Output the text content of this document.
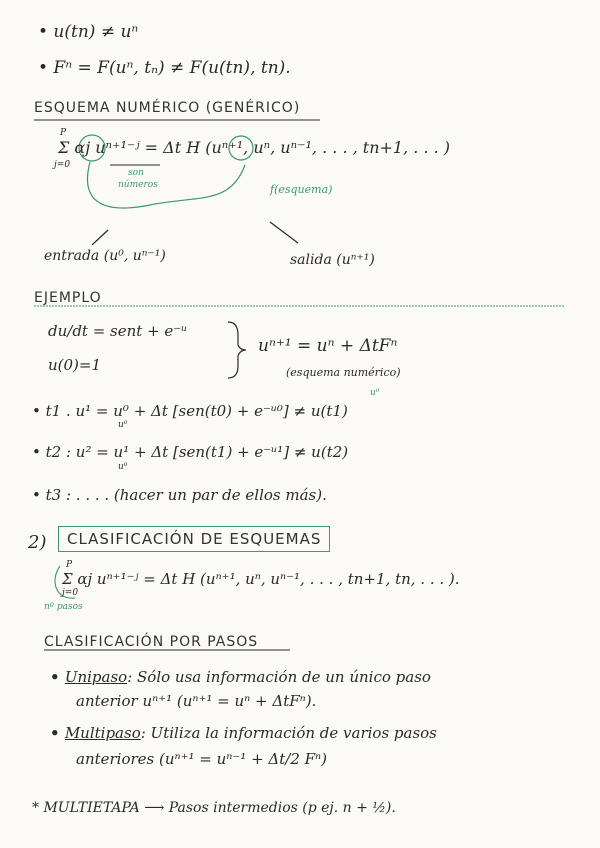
• u(tn) ≠ uⁿ
• Fⁿ = F(uⁿ, tₙ) ≠ F(u(tn), tn).
ESQUEMA NUMÉRICO (GENÉRICO)
P
j=0
Σ αj uⁿ⁺¹⁻ʲ = Δt H (uⁿ⁺¹, uⁿ, uⁿ⁻¹, . . . , tn+1, . . . )
son
números	f(esquema)
entrada (u⁰, uⁿ⁻¹)	salida (uⁿ⁺¹)
EJEMPLO
du/dt = sent + e⁻ᵘ
u(0)=1
uⁿ⁺¹ = uⁿ + ΔtFⁿ
(esquema numérico)
• t1 . u¹ = u⁰ + Δt [sen(t0) + e⁻ᵘ⁰] ≠ u(t1)
u⁰
u⁰
• t2 : u² = u¹ + Δt [sen(t1) + e⁻ᵘ¹] ≠ u(t2)
u⁰
• t3 : . . . . (hacer un par de ellos más).
2)	CLASIFICACIÓN DE ESQUEMAS
P
j=0
Σ αj uⁿ⁺¹⁻ʲ = Δt H (uⁿ⁺¹, uⁿ, uⁿ⁻¹, . . . , tn+1, tn, . . . ).
nº pasos
CLASIFICACIÓN POR PASOS
• Unipaso: Sólo usa información de un único paso
anterior uⁿ⁺¹ (uⁿ⁺¹ = uⁿ + ΔtFⁿ).
• Multipaso: Utiliza la información de varios pasos
anteriores (uⁿ⁺¹ = uⁿ⁻¹ + Δt/2 Fⁿ)
* MULTIETAPA ⟶ Pasos intermedios (p ej. n + ½).
